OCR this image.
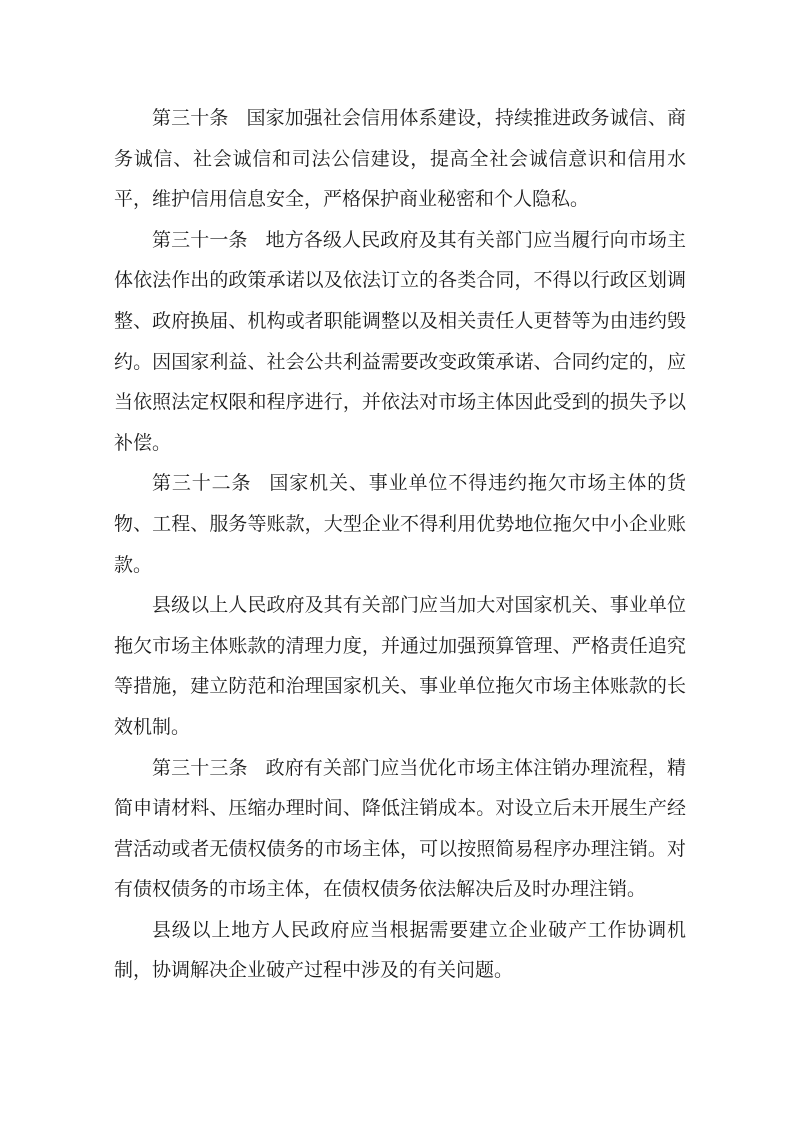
第三十条 国家加强社会信用体系建设，持续推进政务诚信、商务诚信、社会诚信和司法公信建设，提高全社会诚信意识和信用水平，维护信用信息安全，严格保护商业秘密和个人隐私。

第三十一条 地方各级人民政府及其有关部门应当履行向市场主体依法作出的政策承诺以及依法订立的各类合同，不得以行政区划调整、政府换届、机构或者职能调整以及相关责任人更替等为由违约毁约。因国家利益、社会公共利益需要改变政策承诺、合同约定的，应当依照法定权限和程序进行，并依法对市场主体因此受到的损失予以补偿。

第三十二条 国家机关、事业单位不得违约拖欠市场主体的货物、工程、服务等账款，大型企业不得利用优势地位拖欠中小企业账款。

县级以上人民政府及其有关部门应当加大对国家机关、事业单位拖欠市场主体账款的清理力度，并通过加强预算管理、严格责任追究等措施，建立防范和治理国家机关、事业单位拖欠市场主体账款的长效机制。

第三十三条 政府有关部门应当优化市场主体注销办理流程，精简申请材料、压缩办理时间、降低注销成本。对设立后未开展生产经营活动或者无债权债务的市场主体，可以按照简易程序办理注销。对有债权债务的市场主体，在债权债务依法解决后及时办理注销。

县级以上地方人民政府应当根据需要建立企业破产工作协调机制，协调解决企业破产过程中涉及的有关问题。
